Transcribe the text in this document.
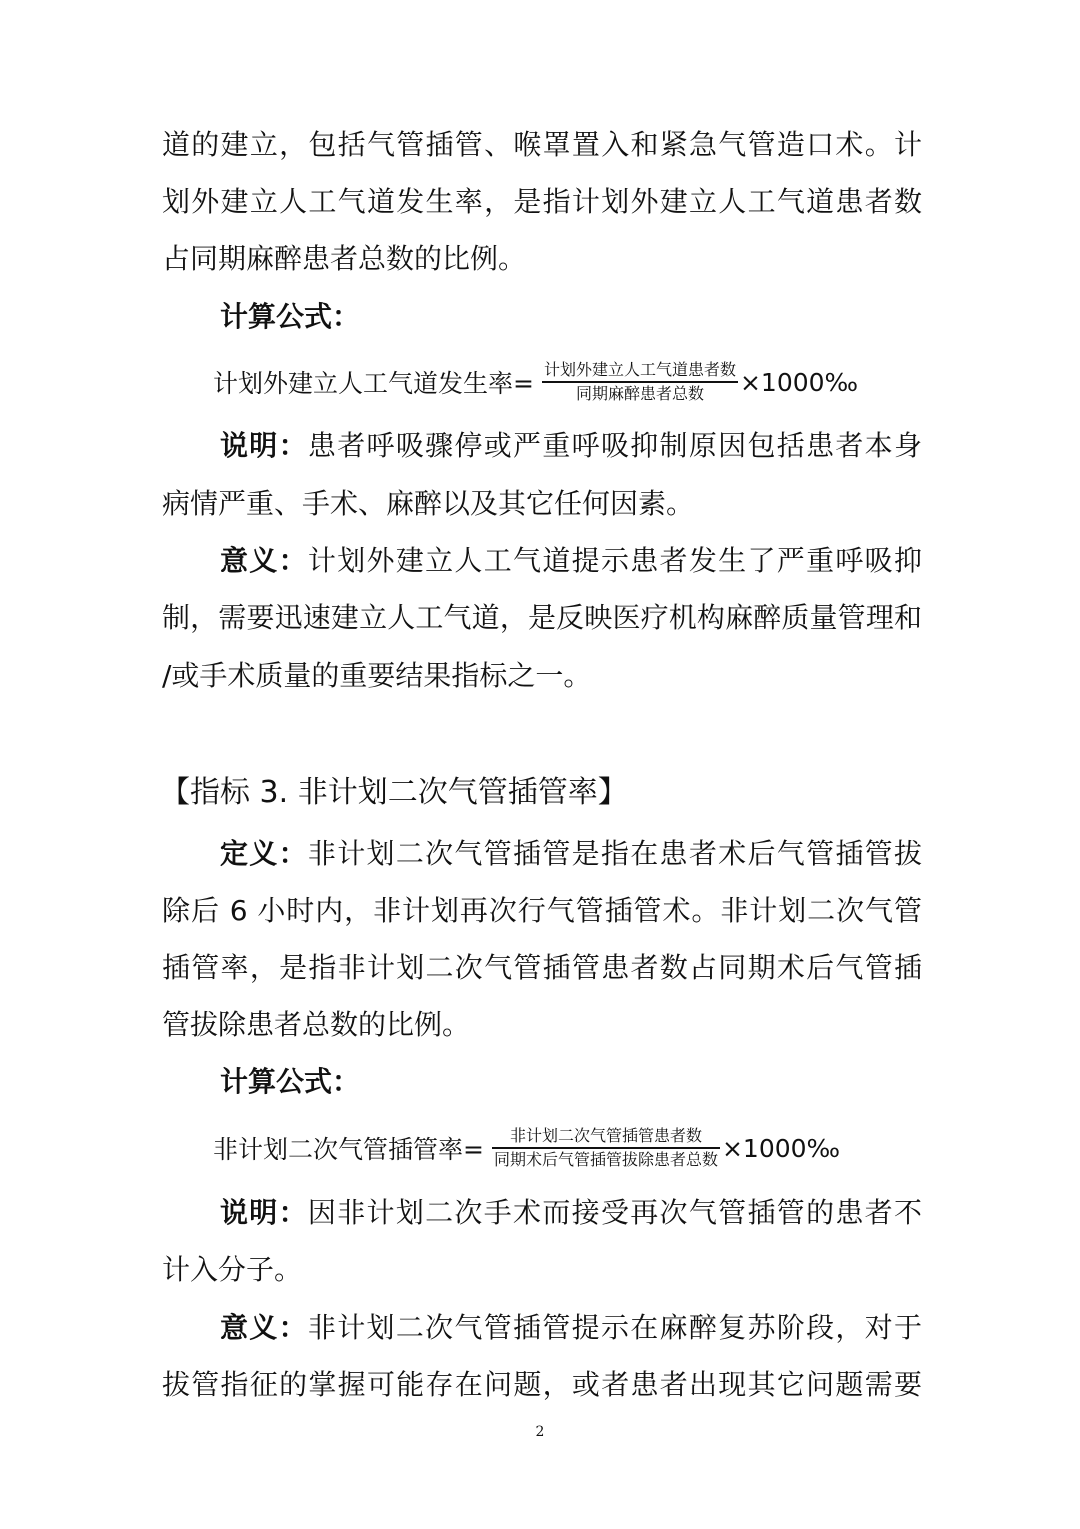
道的建立，包括气管插管、喉罩置入和紧急气管造口术。计
划外建立人工气道发生率，是指计划外建立人工气道患者数
占同期麻醉患者总数的比例。
计算公式：
计划外建立人工气道发生率= $\frac{\text{计划外建立人工气道患者数}}{\text{同期麻醉患者总数}}$ ×1000‰
说明：患者呼吸骤停或严重呼吸抑制原因包括患者本身
病情严重、手术、麻醉以及其它任何因素。
意义：计划外建立人工气道提示患者发生了严重呼吸抑
制，需要迅速建立人工气道，是反映医疗机构麻醉质量管理和
/或手术质量的重要结果指标之一。
【指标 3. 非计划二次气管插管率】
定义：非计划二次气管插管是指在患者术后气管插管拔
除后 6 小时内，非计划再次行气管插管术。非计划二次气管
插管率，是指非计划二次气管插管患者数占同期术后气管插
管拔除患者总数的比例。
计算公式：
非计划二次气管插管率= $\frac{\text{非计划二次气管插管患者数}}{\text{同期术后气管插管拔除患者总数}}$ ×1000‰
说明：因非计划二次手术而接受再次气管插管的患者不
计入分子。
意义：非计划二次气管插管提示在麻醉复苏阶段，对于
拔管指征的掌握可能存在问题，或者患者出现其它问题需要
2
